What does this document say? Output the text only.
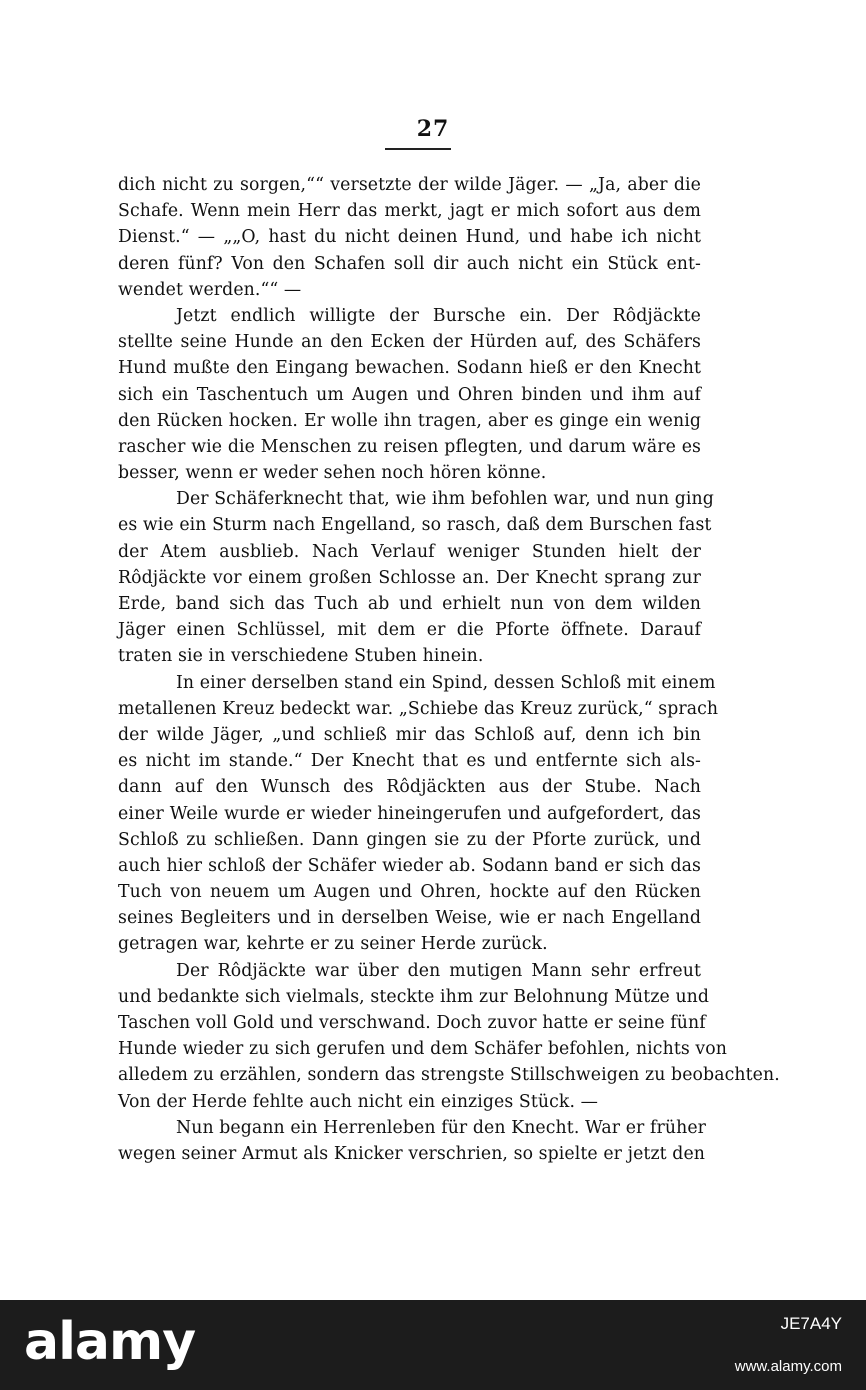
27
dich nicht zu sorgen,““ versetzte der wilde Jäger. — „Ja, aber die
Schafe. Wenn mein Herr das merkt, jagt er mich sofort aus dem
Dienst.“ — „„O, hast du nicht deinen Hund, und habe ich nicht
deren fünf? Von den Schafen soll dir auch nicht ein Stück ent-
wendet werden.““ —
Jetzt endlich willigte der Bursche ein. Der Rôdjäckte
stellte seine Hunde an den Ecken der Hürden auf, des Schäfers
Hund mußte den Eingang bewachen. Sodann hieß er den Knecht
sich ein Taschentuch um Augen und Ohren binden und ihm auf
den Rücken hocken. Er wolle ihn tragen, aber es ginge ein wenig
rascher wie die Menschen zu reisen pflegten, und darum wäre es
besser, wenn er weder sehen noch hören könne.
Der Schäferknecht that, wie ihm befohlen war, und nun ging
es wie ein Sturm nach Engelland, so rasch, daß dem Burschen fast
der Atem ausblieb. Nach Verlauf weniger Stunden hielt der
Rôdjäckte vor einem großen Schlosse an. Der Knecht sprang zur
Erde, band sich das Tuch ab und erhielt nun von dem wilden
Jäger einen Schlüssel, mit dem er die Pforte öffnete. Darauf
traten sie in verschiedene Stuben hinein.
In einer derselben stand ein Spind, dessen Schloß mit einem
metallenen Kreuz bedeckt war. „Schiebe das Kreuz zurück,“ sprach
der wilde Jäger, „und schließ mir das Schloß auf, denn ich bin
es nicht im stande.“ Der Knecht that es und entfernte sich als-
dann auf den Wunsch des Rôdjäckten aus der Stube. Nach
einer Weile wurde er wieder hineingerufen und aufgefordert, das
Schloß zu schließen. Dann gingen sie zu der Pforte zurück, und
auch hier schloß der Schäfer wieder ab. Sodann band er sich das
Tuch von neuem um Augen und Ohren, hockte auf den Rücken
seines Begleiters und in derselben Weise, wie er nach Engelland
getragen war, kehrte er zu seiner Herde zurück.
Der Rôdjäckte war über den mutigen Mann sehr erfreut
und bedankte sich vielmals, steckte ihm zur Belohnung Mütze und
Taschen voll Gold und verschwand. Doch zuvor hatte er seine fünf
Hunde wieder zu sich gerufen und dem Schäfer befohlen, nichts von
alledem zu erzählen, sondern das strengste Stillschweigen zu beobachten.
Von der Herde fehlte auch nicht ein einziges Stück. —
Nun begann ein Herrenleben für den Knecht. War er früher
wegen seiner Armut als Knicker verschrien, so spielte er jetzt den
alamy	JE7A4Y
www.alamy.com
